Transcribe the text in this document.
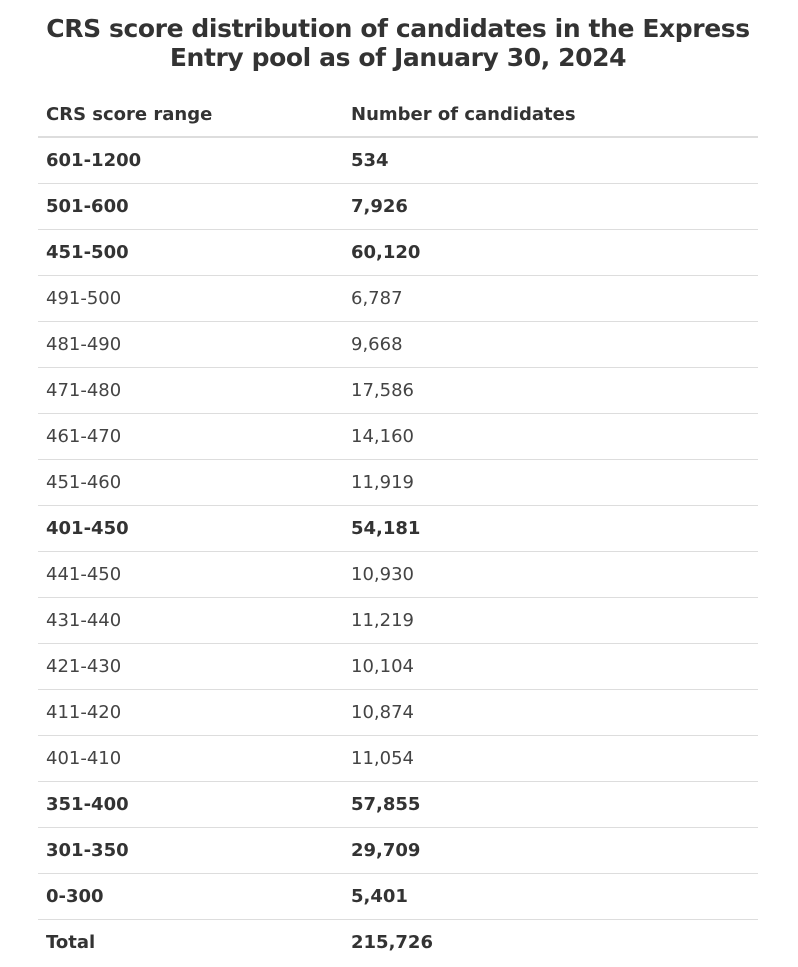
CRS score distribution of candidates in the Express Entry pool as of January 30, 2024
CRS score range	Number of candidates
601-1200	534
501-600	7,926
451-500	60,120
491-500	6,787
481-490	9,668
471-480	17,586
461-470	14,160
451-460	11,919
401-450	54,181
441-450	10,930
431-440	11,219
421-430	10,104
411-420	10,874
401-410	11,054
351-400	57,855
301-350	29,709
0-300	5,401
Total	215,726
